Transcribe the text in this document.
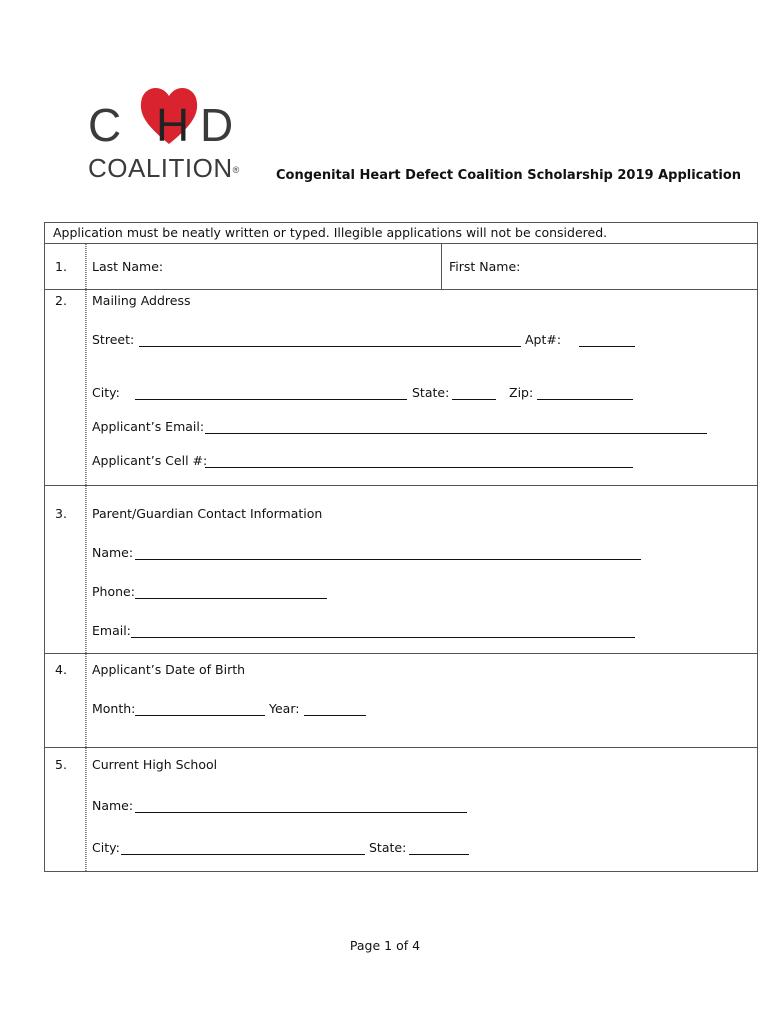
C H D
COALITION®	Congenital Heart Defect Coalition Scholarship 2019 Application
Application must be neatly written or typed. Illegible applications will not be considered.
1. Last Name:	First Name:
2. Mailing Address
Street:	Apt#:
City:	State:	Zip:
Applicant’s Email:
Applicant’s Cell #:
3. Parent/Guardian Contact Information
Name:
Phone:
Email:
4. Applicant’s Date of Birth
Month:	Year:
5. Current High School
Name:
City:	State:
Page 1 of 4
